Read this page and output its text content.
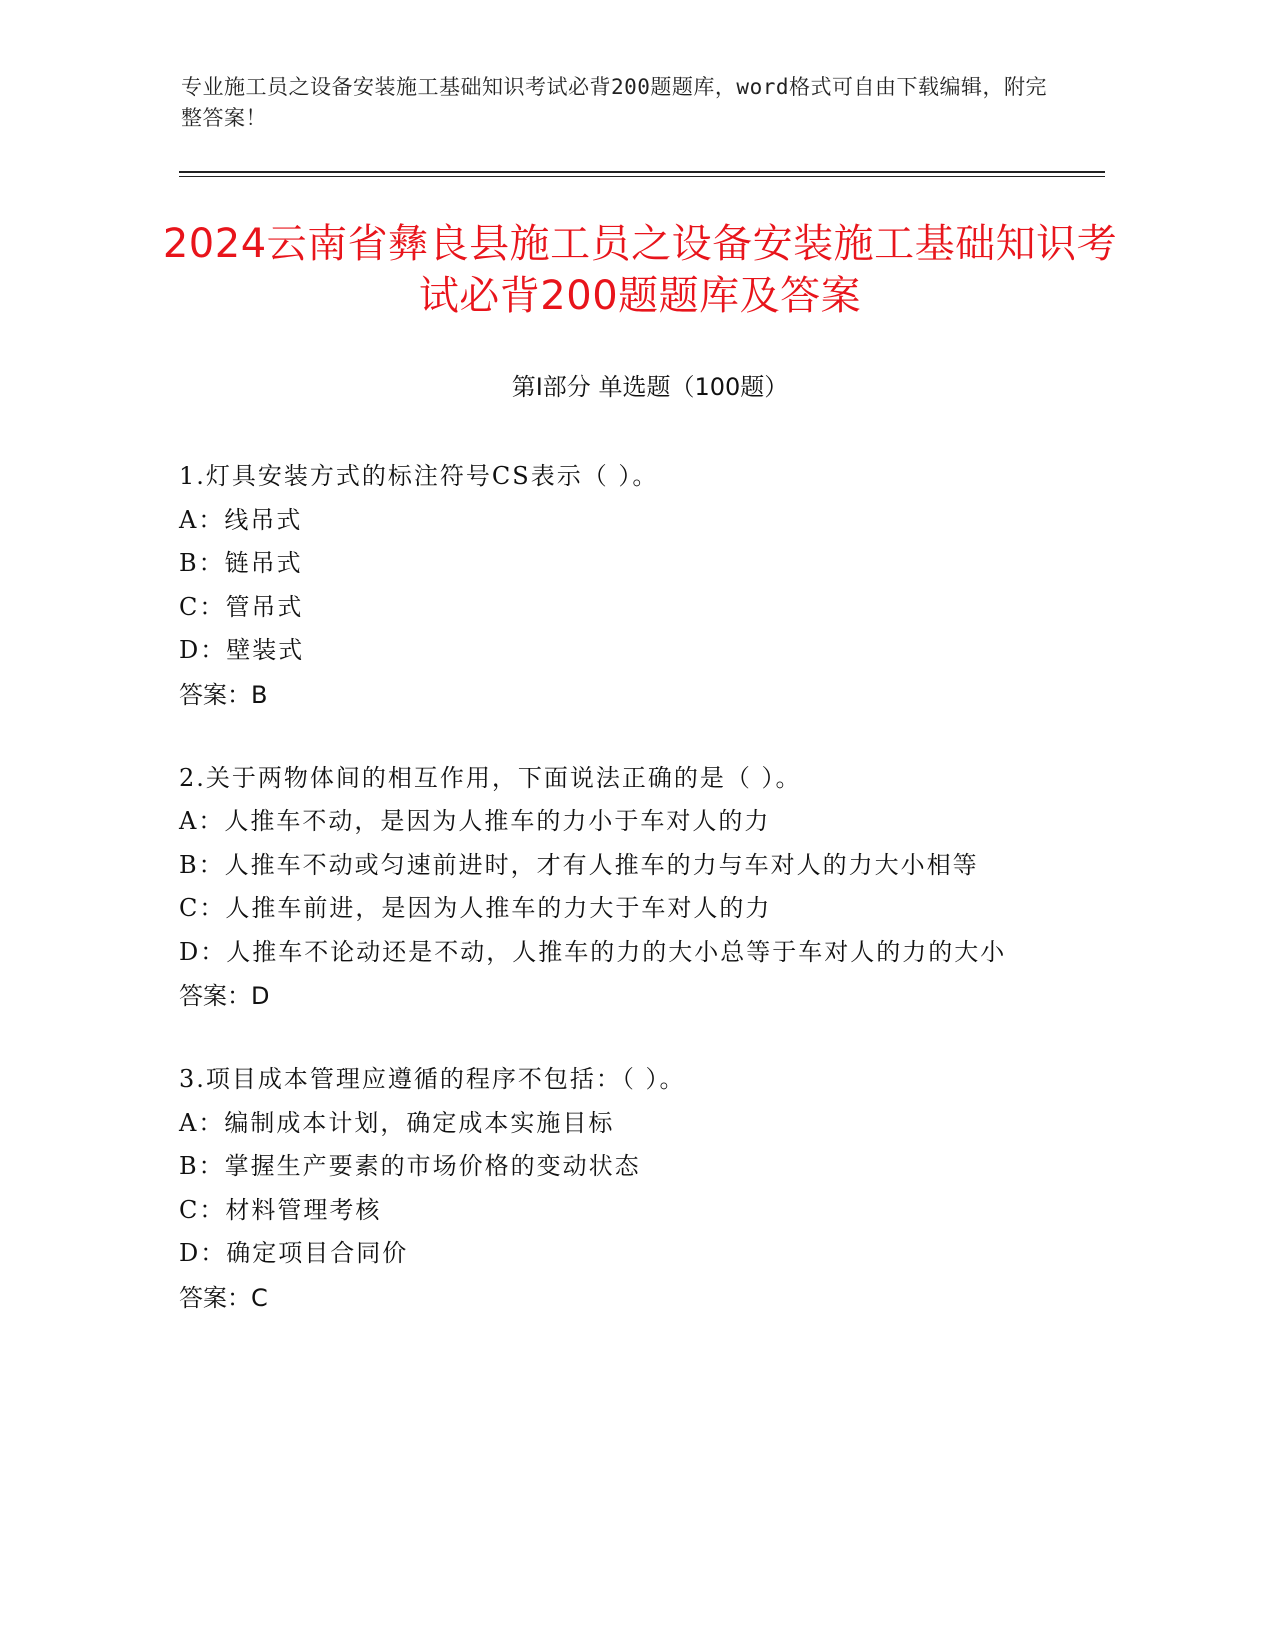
专业施工员之设备安装施工基础知识考试必背200题题库，word格式可自由下载编辑，附完整答案！
2024云南省彝良县施工员之设备安装施工基础知识考试必背200题题库及答案
第Ⅰ部分 单选题（100题）
1.灯具安装方式的标注符号CS表示（ ）。
A：线吊式
B：链吊式
C：管吊式
D：壁装式
答案：B
2.关于两物体间的相互作用，下面说法正确的是（ ）。
A：人推车不动，是因为人推车的力小于车对人的力
B：人推车不动或匀速前进时，才有人推车的力与车对人的力大小相等
C：人推车前进，是因为人推车的力大于车对人的力
D：人推车不论动还是不动，人推车的力的大小总等于车对人的力的大小
答案：D
3.项目成本管理应遵循的程序不包括：（ ）。
A：编制成本计划，确定成本实施目标
B：掌握生产要素的市场价格的变动状态
C：材料管理考核
D：确定项目合同价
答案：C
